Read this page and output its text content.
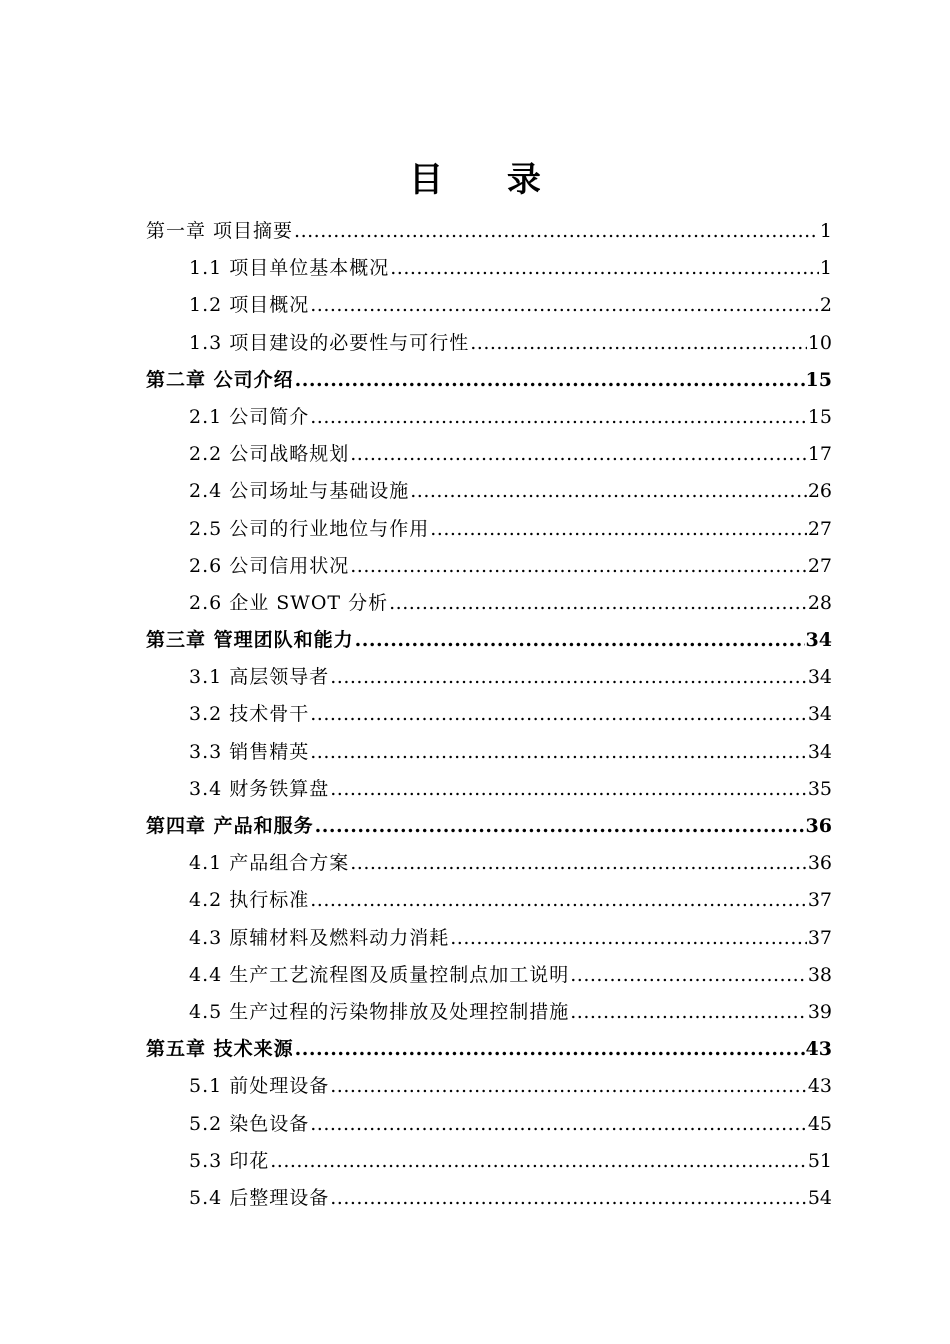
目 录
第一章 项目摘要 .....	1
1.1 项目单位基本概况 .....	1
1.2 项目概况 .....	2
1.3 项目建设的必要性与可行性 .....	10
第二章 公司介绍 .....	15
2.1 公司简介 .....	15
2.2 公司战略规划 .....	17
2.4 公司场址与基础设施 .....	26
2.5 公司的行业地位与作用 .....	27
2.6 公司信用状况 .....	27
2.6 企业 SWOT 分析 .....	28
第三章 管理团队和能力 .....	34
3.1 高层领导者 .....	34
3.2 技术骨干 .....	34
3.3 销售精英 .....	34
3.4 财务铁算盘 .....	35
第四章 产品和服务 .....	36
4.1 产品组合方案 .....	36
4.2 执行标准 .....	37
4.3 原辅材料及燃料动力消耗 .....	37
4.4 生产工艺流程图及质量控制点加工说明 .....	38
4.5 生产过程的污染物排放及处理控制措施 .....	39
第五章 技术来源 .....	43
5.1 前处理设备 .....	43
5.2 染色设备 .....	45
5.3 印花 .....	51
5.4 后整理设备 .....	54
